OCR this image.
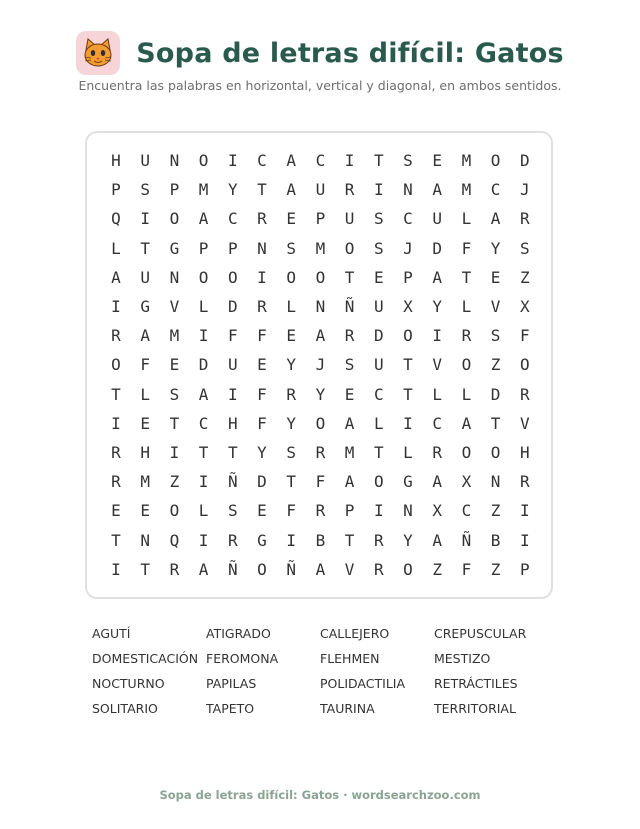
Sopa de letras difícil: Gatos
Encuentra las palabras en horizontal, vertical y diagonal, en ambos sentidos.
H	U	N	O	I	C	A	C	I	T	S	E	M	O	D
P	S	P	M	Y	T	A	U	R	I	N	A	M	C	J
Q	I	O	A	C	R	E	P	U	S	C	U	L	A	R
L	T	G	P	P	N	S	M	O	S	J	D	F	Y	S
A	U	N	O	O	I	O	O	T	E	P	A	T	E	Z
I	G	V	L	D	R	L	N	Ñ	U	X	Y	L	V	X
R	A	M	I	F	F	E	A	R	D	O	I	R	S	F
O	F	E	D	U	E	Y	J	S	U	T	V	O	Z	O
T	L	S	A	I	F	R	Y	E	C	T	L	L	D	R
I	E	T	C	H	F	Y	O	A	L	I	C	A	T	V
R	H	I	T	T	Y	S	R	M	T	L	R	O	O	H
R	M	Z	I	Ñ	D	T	F	A	O	G	A	X	N	R
E	E	O	L	S	E	F	R	P	I	N	X	C	Z	I
T	N	Q	I	R	G	I	B	T	R	Y	A	Ñ	B	I
I	T	R	A	Ñ	O	Ñ	A	V	R	O	Z	F	Z	P
AGUTÍ	ATIGRADO	CALLEJERO	CREPUSCULAR
DOMESTICACIÓN FEROMONA	FLEHMEN	MESTIZO
NOCTURNO	PAPILAS	POLIDACTILIA RETRÁCTILES
SOLITARIO	TAPETO	TAURINA	TERRITORIAL
Sopa de letras difícil: Gatos · wordsearchzoo.com
